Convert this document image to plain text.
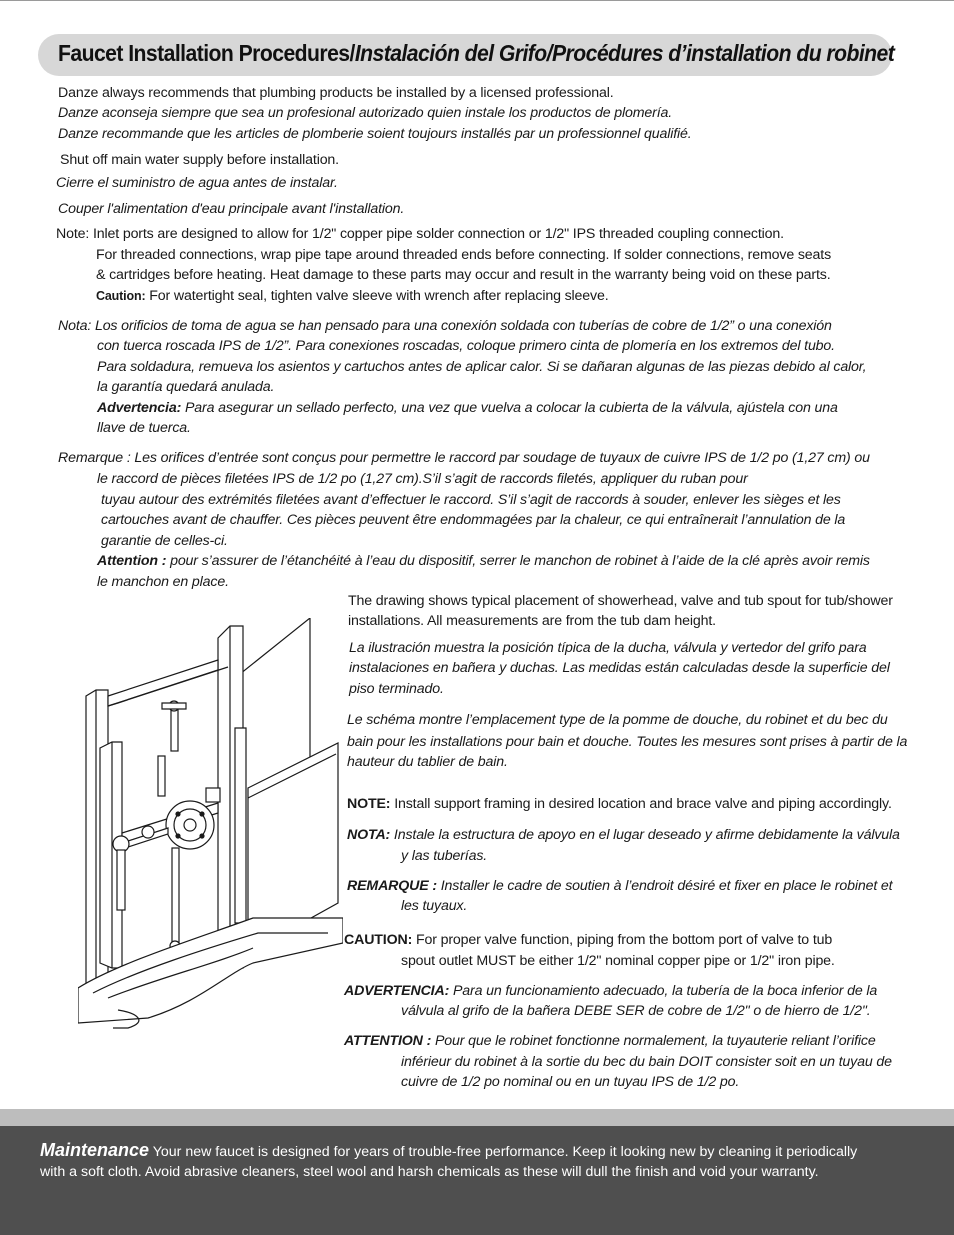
Faucet Installation Procedures/Instalación del Grifo/Procédures d’installation du robinet
Danze always recommends that plumbing products be installed by a licensed professional.
Danze aconseja siempre que sea un profesional autorizado quien instale los productos de plomería.
Danze recommande que les articles de plomberie soient toujours installés par un professionnel qualifié.
Shut off main water supply before installation.
Cierre el suministro de agua antes de instalar.
Couper l'alimentation d'eau principale avant l'installation.
Note: Inlet ports are designed to allow for 1/2" copper pipe solder connection or 1/2" IPS threaded coupling connection.
For threaded connections, wrap pipe tape around threaded ends before connecting. If solder connections, remove seats
& cartridges before heating. Heat damage to these parts may occur and result in the warranty being void on these parts.
Caution: For watertight seal, tighten valve sleeve with wrench after replacing sleeve.
Nota: Los orificios de toma de agua se han pensado para una conexión soldada con tuberías de cobre de 1/2” o una conexión
con tuerca roscada IPS de 1/2”. Para conexiones roscadas, coloque primero cinta de plomería en los extremos del tubo.
Para soldadura, remueva los asientos y cartuchos antes de aplicar calor. Si se dañaran algunas de las piezas debido al calor,
la garantía quedará anulada.
Advertencia: Para asegurar un sellado perfecto, una vez que vuelva a colocar la cubierta de la válvula, ajústela con una
llave de tuerca.
Remarque : Les orifices d’entrée sont conçus pour permettre le raccord par soudage de tuyaux de cuivre IPS de 1/2 po (1,27 cm) ou
le raccord de pièces filetées IPS de 1/2 po (1,27 cm).S’il s’agit de raccords filetés, appliquer du ruban pour
tuyau autour des extrémités filetées avant d’effectuer le raccord. S’il s’agit de raccords à souder, enlever les sièges et les
cartouches avant de chauffer. Ces pièces peuvent être endommagées par la chaleur, ce qui entraînerait l’annulation de la
garantie de celles-ci.
Attention : pour s’assurer de l’étanchéité à l’eau du dispositif, serrer le manchon de robinet à l’aide de la clé après avoir remis
le manchon en place.
The drawing shows typical placement of showerhead, valve and tub spout for tub/shower
installations. All measurements are from the tub dam height.
La ilustración muestra la posición típica de la ducha, válvula y vertedor del grifo para
instalaciones en bañera y duchas. Las medidas están calculadas desde la superficie del
piso terminado.
Le schéma montre l’emplacement type de la pomme de douche, du robinet et du bec du
bain pour les installations pour bain et douche. Toutes les mesures sont prises à partir de la
hauteur du tablier de bain.
NOTE: Install support framing in desired location and brace valve and piping accordingly.
NOTA: Instale la estructura de apoyo en el lugar deseado y afirme debidamente la válvula
y las tuberías.
REMARQUE : Installer le cadre de soutien à l’endroit désiré et fixer en place le robinet et
les tuyaux.
CAUTION: For proper valve function, piping from the bottom port of valve to tub
spout outlet MUST be either 1/2" nominal copper pipe or 1/2" iron pipe.
ADVERTENCIA: Para un funcionamiento adecuado, la tubería de la boca inferior de la
válvula al grifo de la bañera DEBE SER de cobre de 1/2" o de hierro de 1/2".
ATTENTION : Pour que le robinet fonctionne normalement, la tuyauterie reliant l’orifice
inférieur du robinet à la sortie du bec du bain DOIT consister soit en un tuyau de
cuivre de 1/2 po nominal ou en un tuyau IPS de 1/2 po.
Maintenance Your new faucet is designed for years of trouble-free performance. Keep it looking new by cleaning it periodically
with a soft cloth. Avoid abrasive cleaners, steel wool and harsh chemicals as these will dull the finish and void your warranty.
